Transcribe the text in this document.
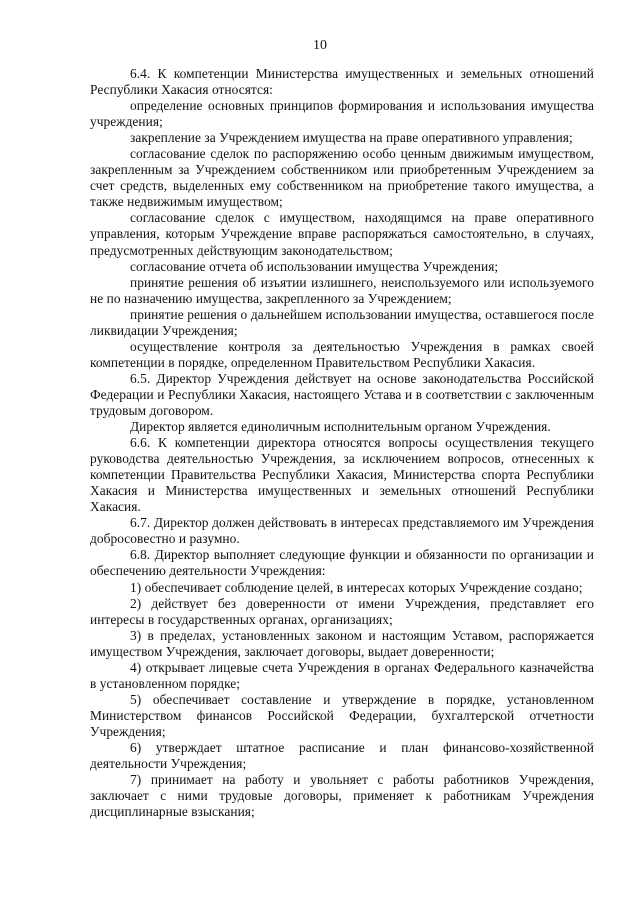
10

6.4. К компетенции Министерства имущественных и земельных отношений Республики Хакасия относятся:

определение основных принципов формирования и использования имущества учреждения;

закрепление за Учреждением имущества на праве оперативного управления;

согласование сделок по распоряжению особо ценным движимым имуществом, закрепленным за Учреждением собственником или приобретенным Учреждением за счет средств, выделенных ему собственником на приобретение такого имущества, а также недвижимым имуществом;

согласование сделок с имуществом, находящимся на праве оперативного управления, которым Учреждение вправе распоряжаться самостоятельно, в случаях, предусмотренных действующим законодательством;

согласование отчета об использовании имущества Учреждения;

принятие решения об изъятии излишнего, неиспользуемого или используемого не по назначению имущества, закрепленного за Учреждением;

принятие решения о дальнейшем использовании имущества, оставшегося после ликвидации Учреждения;

осуществление контроля за деятельностью Учреждения в рамках своей компетенции в порядке, определенном Правительством Республики Хакасия.

6.5. Директор Учреждения действует на основе законодательства Российской Федерации и Республики Хакасия, настоящего Устава и в соответствии с заключенным трудовым договором.

Директор является единоличным исполнительным органом Учреждения.

6.6. К компетенции директора относятся вопросы осуществления текущего руководства деятельностью Учреждения, за исключением вопросов, отнесенных к компетенции Правительства Республики Хакасия, Министерства спорта Республики Хакасия и Министерства имущественных и земельных отношений Республики Хакасия.

6.7. Директор должен действовать в интересах представляемого им Учреждения добросовестно и разумно.

6.8. Директор выполняет следующие функции и обязанности по организации и обеспечению деятельности Учреждения:

1) обеспечивает соблюдение целей, в интересах которых Учреждение создано;

2) действует без доверенности от имени Учреждения, представляет его интересы в государственных органах, организациях;

3) в пределах, установленных законом и настоящим Уставом, распоряжается имуществом Учреждения, заключает договоры, выдает доверенности;

4) открывает лицевые счета Учреждения в органах Федерального казначейства в установленном порядке;

5) обеспечивает составление и утверждение в порядке, установленном Министерством финансов Российской Федерации, бухгалтерской отчетности Учреждения;

6) утверждает штатное расписание и план финансово-хозяйственной деятельности Учреждения;

7) принимает на работу и увольняет с работы работников Учреждения, заключает с ними трудовые договоры, применяет к работникам Учреждения дисциплинарные взыскания;
